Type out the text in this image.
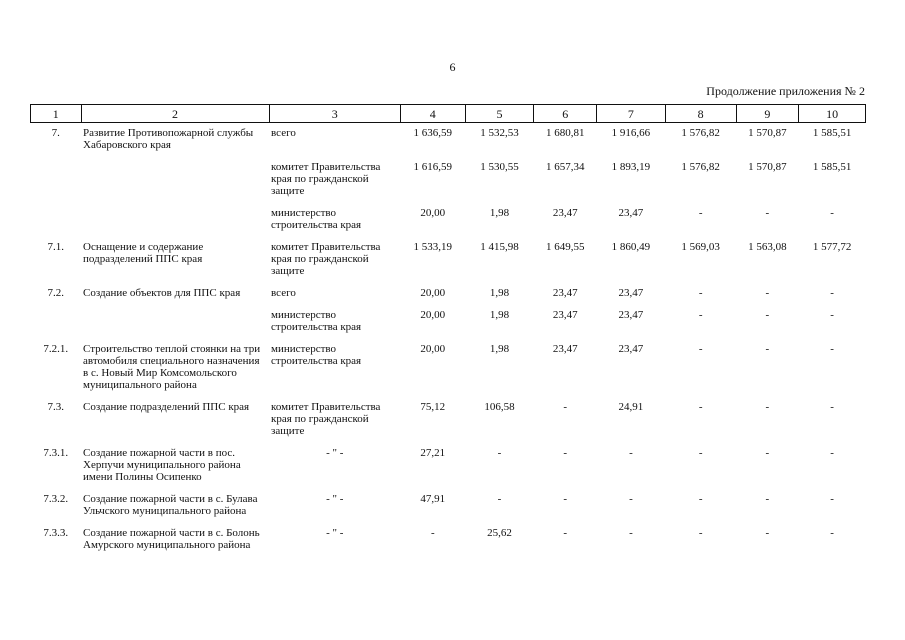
6
Продолжение приложения № 2
1	2	3	4	5	6	7	8	9	10
7.	Развитие Противопожарной службы Хабаровского края	всего	1 636,59	1 532,53	1 680,81	1 916,66	1 576,82	1 570,87	1 585,51
		комитет Правительства края по гражданской защите	1 616,59	1 530,55	1 657,34	1 893,19	1 576,82	1 570,87	1 585,51
		министерство строительства края	20,00	1,98	23,47	23,47	-	-	-
7.1.	Оснащение и содержание подразделений ППС края	комитет Правительства края по гражданской защите	1 533,19	1 415,98	1 649,55	1 860,49	1 569,03	1 563,08	1 577,72
7.2.	Создание объектов для ППС края	всего	20,00	1,98	23,47	23,47	-	-	-
		министерство строительства края	20,00	1,98	23,47	23,47	-	-	-
7.2.1.	Строительство теплой стоянки на три автомобиля специального назначения в с. Новый Мир Комсомольского муниципального района	министерство строительства края	20,00	1,98	23,47	23,47	-	-	-
7.3.	Создание подразделений ППС края	комитет Правительства края по гражданской защите	75,12	106,58	-	24,91	-	-	-
7.3.1.	Создание пожарной части в пос. Херпучи муниципального района имени Полины Осипенко	- " -	27,21	-	-	-	-	-	-
7.3.2.	Создание пожарной части в с. Булава Ульчского муниципального района	- " -	47,91	-	-	-	-	-	-
7.3.3.	Создание пожарной части в с. Болонь Амурского муниципального района	- " -	-	25,62	-	-	-	-	-
